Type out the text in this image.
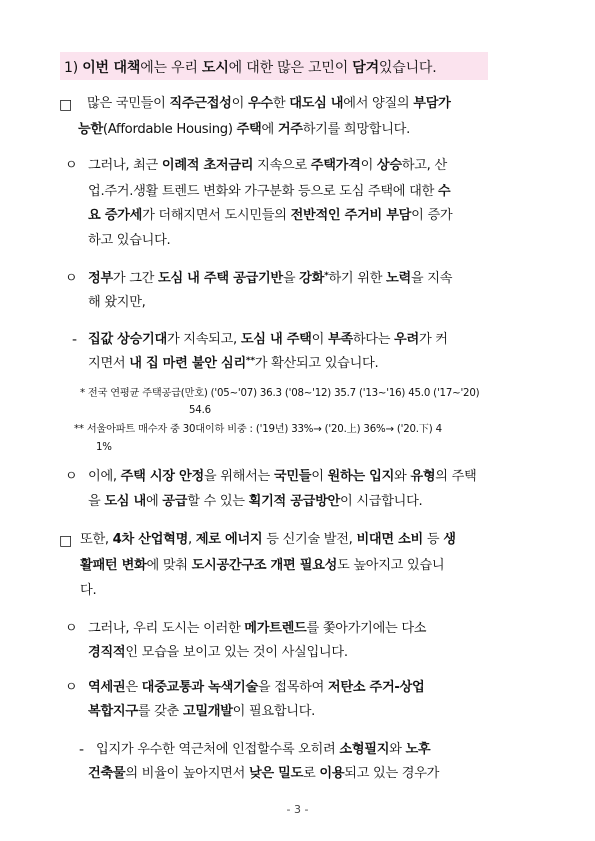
1) 이번 대책에는 우리 도시에 대한 많은 고민이 담겨있습니다.
□
ㅇ
ㅇ
-
ㅇ
□
ㅇ
ㅇ
-
많은 국민들이 직주근접성이 우수한 대도심 내에서 양질의 부담가
능한(Affordable Housing) 주택에 거주하기를 희망합니다.
그러나, 최근 이례적 초저금리 지속으로 주택가격이 상승하고, 산
업.주거.생활 트렌드 변화와 가구분화 등으로 도심 주택에 대한 수
요 증가세가 더해지면서 도시민들의 전반적인 주거비 부담이 증가
하고 있습니다.
정부가 그간 도심 내 주택 공급기반을 강화*하기 위한 노력을 지속
해 왔지만,
집값 상승기대가 지속되고, 도심 내 주택이 부족하다는 우려가 커
지면서 내 집 마련 불안 심리**가 확산되고 있습니다.
이에, 주택 시장 안정을 위해서는 국민들이 원하는 입지와 유형의 주택
을 도심 내에 공급할 수 있는 획기적 공급방안이 시급합니다.
또한, 4차 산업혁명, 제로 에너지 등 신기술 발전, 비대면 소비 등 생
활패턴 변화에 맞춰 도시공간구조 개편 필요성도 높아지고 있습니
다.
그러나, 우리 도시는 이러한 메가트렌드를 쫓아가기에는 다소
경직적인 모습을 보이고 있는 것이 사실입니다.
역세권은 대중교통과 녹색기술을 접목하여 저탄소 주거-상업
복합지구를 갖춘 고밀개발이 필요합니다.
입지가 우수한 역근처에 인접할수록 오히려 소형필지와 노후
건축물의 비율이 높아지면서 낮은 밀도로 이용되고 있는 경우가
* 전국 연평균 주택공급(만호) ('05~'07) 36.3 ('08~'12) 35.7 ('13~'16) 45.0 ('17~'20)
54.6
** 서울아파트 매수자 중 30대이하 비중 : ('19년) 33%→ ('20.上) 36%→ ('20.下) 4
1%
- 3 -
